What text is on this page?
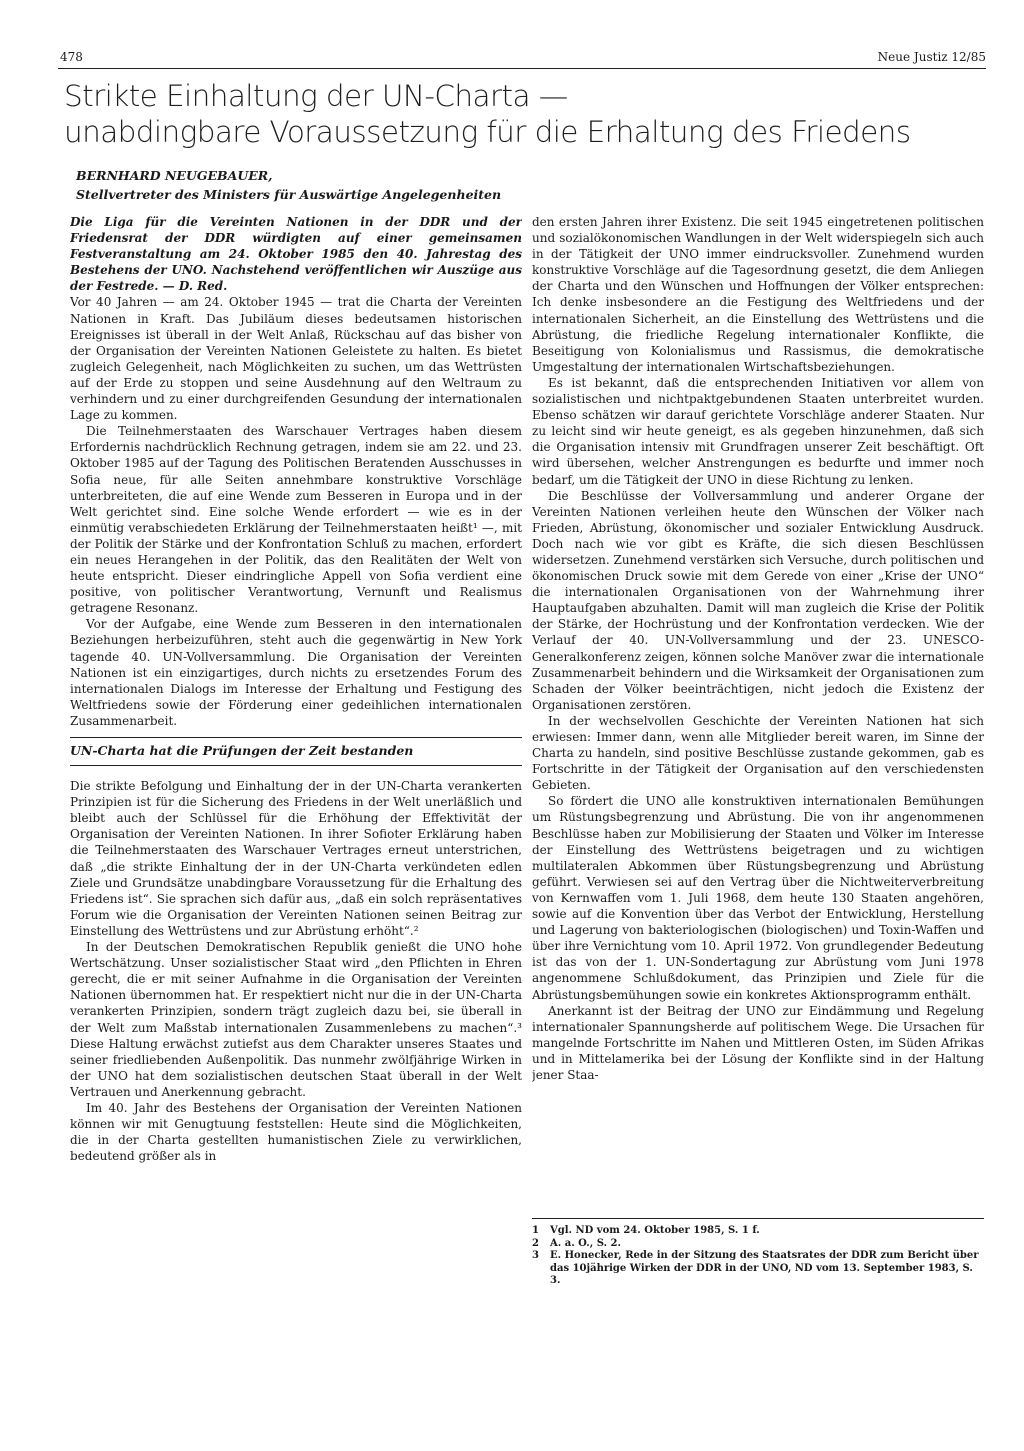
478	Neue Justiz 12/85
Strikte Einhaltung der UN-Charta —
unabdingbare Voraussetzung für die Erhaltung des Friedens
BERNHARD NEUGEBAUER,
Stellvertreter des Ministers für Auswärtige Angelegenheiten

Die Liga für die Vereinten Nationen in der DDR und der Friedensrat der DDR würdigten auf einer gemeinsamen Festveranstaltung am 24. Oktober 1985 den 40. Jahrestag des Bestehens der UNO. Nachstehend veröffentlichen wir Auszüge aus der Festrede. — D. Red.

Vor 40 Jahren — am 24. Oktober 1945 — trat die Charta der Vereinten Nationen in Kraft. Das Jubiläum dieses bedeutsamen historischen Ereignisses ist überall in der Welt Anlaß, Rückschau auf das bisher von der Organisation der Vereinten Nationen Geleistete zu halten. Es bietet zugleich Gelegenheit, nach Möglichkeiten zu suchen, um das Wettrüsten auf der Erde zu stoppen und seine Ausdehnung auf den Weltraum zu verhindern und zu einer durchgreifenden Gesundung der internationalen Lage zu kommen.

Die Teilnehmerstaaten des Warschauer Vertrages haben diesem Erfordernis nachdrücklich Rechnung getragen, indem sie am 22. und 23. Oktober 1985 auf der Tagung des Politischen Beratenden Ausschusses in Sofia neue, für alle Seiten annehmbare konstruktive Vorschläge unterbreiteten, die auf eine Wende zum Besseren in Europa und in der Welt gerichtet sind. Eine solche Wende erfordert — wie es in der einmütig verabschiedeten Erklärung der Teilnehmerstaaten heißt¹ —, mit der Politik der Stärke und der Konfrontation Schluß zu machen, erfordert ein neues Herangehen in der Politik, das den Realitäten der Welt von heute entspricht. Dieser eindringliche Appell von Sofia verdient eine positive, von politischer Verantwortung, Vernunft und Realismus getragene Resonanz.

Vor der Aufgabe, eine Wende zum Besseren in den internationalen Beziehungen herbeizuführen, steht auch die gegenwärtig in New York tagende 40. UN-Vollversammlung. Die Organisation der Vereinten Nationen ist ein einzigartiges, durch nichts zu ersetzendes Forum des internationalen Dialogs im Interesse der Erhaltung und Festigung des Weltfriedens sowie der Förderung einer gedeihlichen internationalen Zusammenarbeit.

UN-Charta hat die Prüfungen der Zeit bestanden

Die strikte Befolgung und Einhaltung der in der UN-Charta verankerten Prinzipien ist für die Sicherung des Friedens in der Welt unerläßlich und bleibt auch der Schlüssel für die Erhöhung der Effektivität der Organisation der Vereinten Nationen. In ihrer Sofioter Erklärung haben die Teilnehmerstaaten des Warschauer Vertrages erneut unterstrichen, daß „die strikte Einhaltung der in der UN-Charta verkündeten edlen Ziele und Grundsätze unabdingbare Voraussetzung für die Erhaltung des Friedens ist“. Sie sprachen sich dafür aus, „daß ein solch repräsentatives Forum wie die Organisation der Vereinten Nationen seinen Beitrag zur Einstellung des Wettrüstens und zur Abrüstung erhöht“.²

In der Deutschen Demokratischen Republik genießt die UNO hohe Wertschätzung. Unser sozialistischer Staat wird „den Pflichten in Ehren gerecht, die er mit seiner Aufnahme in die Organisation der Vereinten Nationen übernommen hat. Er respektiert nicht nur die in der UN-Charta verankerten Prinzipien, sondern trägt zugleich dazu bei, sie überall in der Welt zum Maßstab internationalen Zusammenlebens zu machen“.³ Diese Haltung erwächst zutiefst aus dem Charakter unseres Staates und seiner friedliebenden Außenpolitik. Das nunmehr zwölfjährige Wirken in der UNO hat dem sozialistischen deutschen Staat überall in der Welt Vertrauen und Anerkennung gebracht.

Im 40. Jahr des Bestehens der Organisation der Vereinten Nationen können wir mit Genugtuung feststellen: Heute sind die Möglichkeiten, die in der Charta gestellten humanistischen Ziele zu verwirklichen, bedeutend größer als in

den ersten Jahren ihrer Existenz. Die seit 1945 eingetretenen politischen und sozialökonomischen Wandlungen in der Welt widerspiegeln sich auch in der Tätigkeit der UNO immer eindrucksvoller. Zunehmend wurden konstruktive Vorschläge auf die Tagesordnung gesetzt, die dem Anliegen der Charta und den Wünschen und Hoffnungen der Völker entsprechen: Ich denke insbesondere an die Festigung des Weltfriedens und der internationalen Sicherheit, an die Einstellung des Wettrüstens und die Abrüstung, die friedliche Regelung internationaler Konflikte, die Beseitigung von Kolonialismus und Rassismus, die demokratische Umgestaltung der internationalen Wirtschaftsbeziehungen.

Es ist bekannt, daß die entsprechenden Initiativen vor allem von sozialistischen und nichtpaktgebundenen Staaten unterbreitet wurden. Ebenso schätzen wir darauf gerichtete Vorschläge anderer Staaten. Nur zu leicht sind wir heute geneigt, es als gegeben hinzunehmen, daß sich die Organisation intensiv mit Grundfragen unserer Zeit beschäftigt. Oft wird übersehen, welcher Anstrengungen es bedurfte und immer noch bedarf, um die Tätigkeit der UNO in diese Richtung zu lenken.

Die Beschlüsse der Vollversammlung und anderer Organe der Vereinten Nationen verleihen heute den Wünschen der Völker nach Frieden, Abrüstung, ökonomischer und sozialer Entwicklung Ausdruck. Doch nach wie vor gibt es Kräfte, die sich diesen Beschlüssen widersetzen. Zunehmend verstärken sich Versuche, durch politischen und ökonomischen Druck sowie mit dem Gerede von einer „Krise der UNO“ die internationalen Organisationen von der Wahrnehmung ihrer Hauptaufgaben abzuhalten. Damit will man zugleich die Krise der Politik der Stärke, der Hochrüstung und der Konfrontation verdecken. Wie der Verlauf der 40. UN-Vollversammlung und der 23. UNESCO-Generalkonferenz zeigen, können solche Manöver zwar die internationale Zusammenarbeit behindern und die Wirksamkeit der Organisationen zum Schaden der Völker beeinträchtigen, nicht jedoch die Existenz der Organisationen zerstören.

In der wechselvollen Geschichte der Vereinten Nationen hat sich erwiesen: Immer dann, wenn alle Mitglieder bereit waren, im Sinne der Charta zu handeln, sind positive Beschlüsse zustande gekommen, gab es Fortschritte in der Tätigkeit der Organisation auf den verschiedensten Gebieten.

So fördert die UNO alle konstruktiven internationalen Bemühungen um Rüstungsbegrenzung und Abrüstung. Die von ihr angenommenen Beschlüsse haben zur Mobilisierung der Staaten und Völker im Interesse der Einstellung des Wettrüstens beigetragen und zu wichtigen multilateralen Abkommen über Rüstungsbegrenzung und Abrüstung geführt. Verwiesen sei auf den Vertrag über die Nichtweiterverbreitung von Kernwaffen vom 1. Juli 1968, dem heute 130 Staaten angehören, sowie auf die Konvention über das Verbot der Entwicklung, Herstellung und Lagerung von bakteriologischen (biologischen) und Toxin-Waffen und über ihre Vernichtung vom 10. April 1972. Von grundlegender Bedeutung ist das von der 1. UN-Sondertagung zur Abrüstung vom Juni 1978 angenommene Schlußdokument, das Prinzipien und Ziele für die Abrüstungsbemühungen sowie ein konkretes Aktionsprogramm enthält.

Anerkannt ist der Beitrag der UNO zur Eindämmung und Regelung internationaler Spannungsherde auf politischem Wege. Die Ursachen für mangelnde Fortschritte im Nahen und Mittleren Osten, im Süden Afrikas und in Mittelamerika bei der Lösung der Konflikte sind in der Haltung jener Staa-

1	Vgl. ND vom 24. Oktober 1985, S. 1 f.
2	A. a. O., S. 2.
3	E. Honecker, Rede in der Sitzung des Staatsrates der DDR zum Bericht über das 10jährige Wirken der DDR in der UNO, ND vom 13. September 1983, S. 3.
